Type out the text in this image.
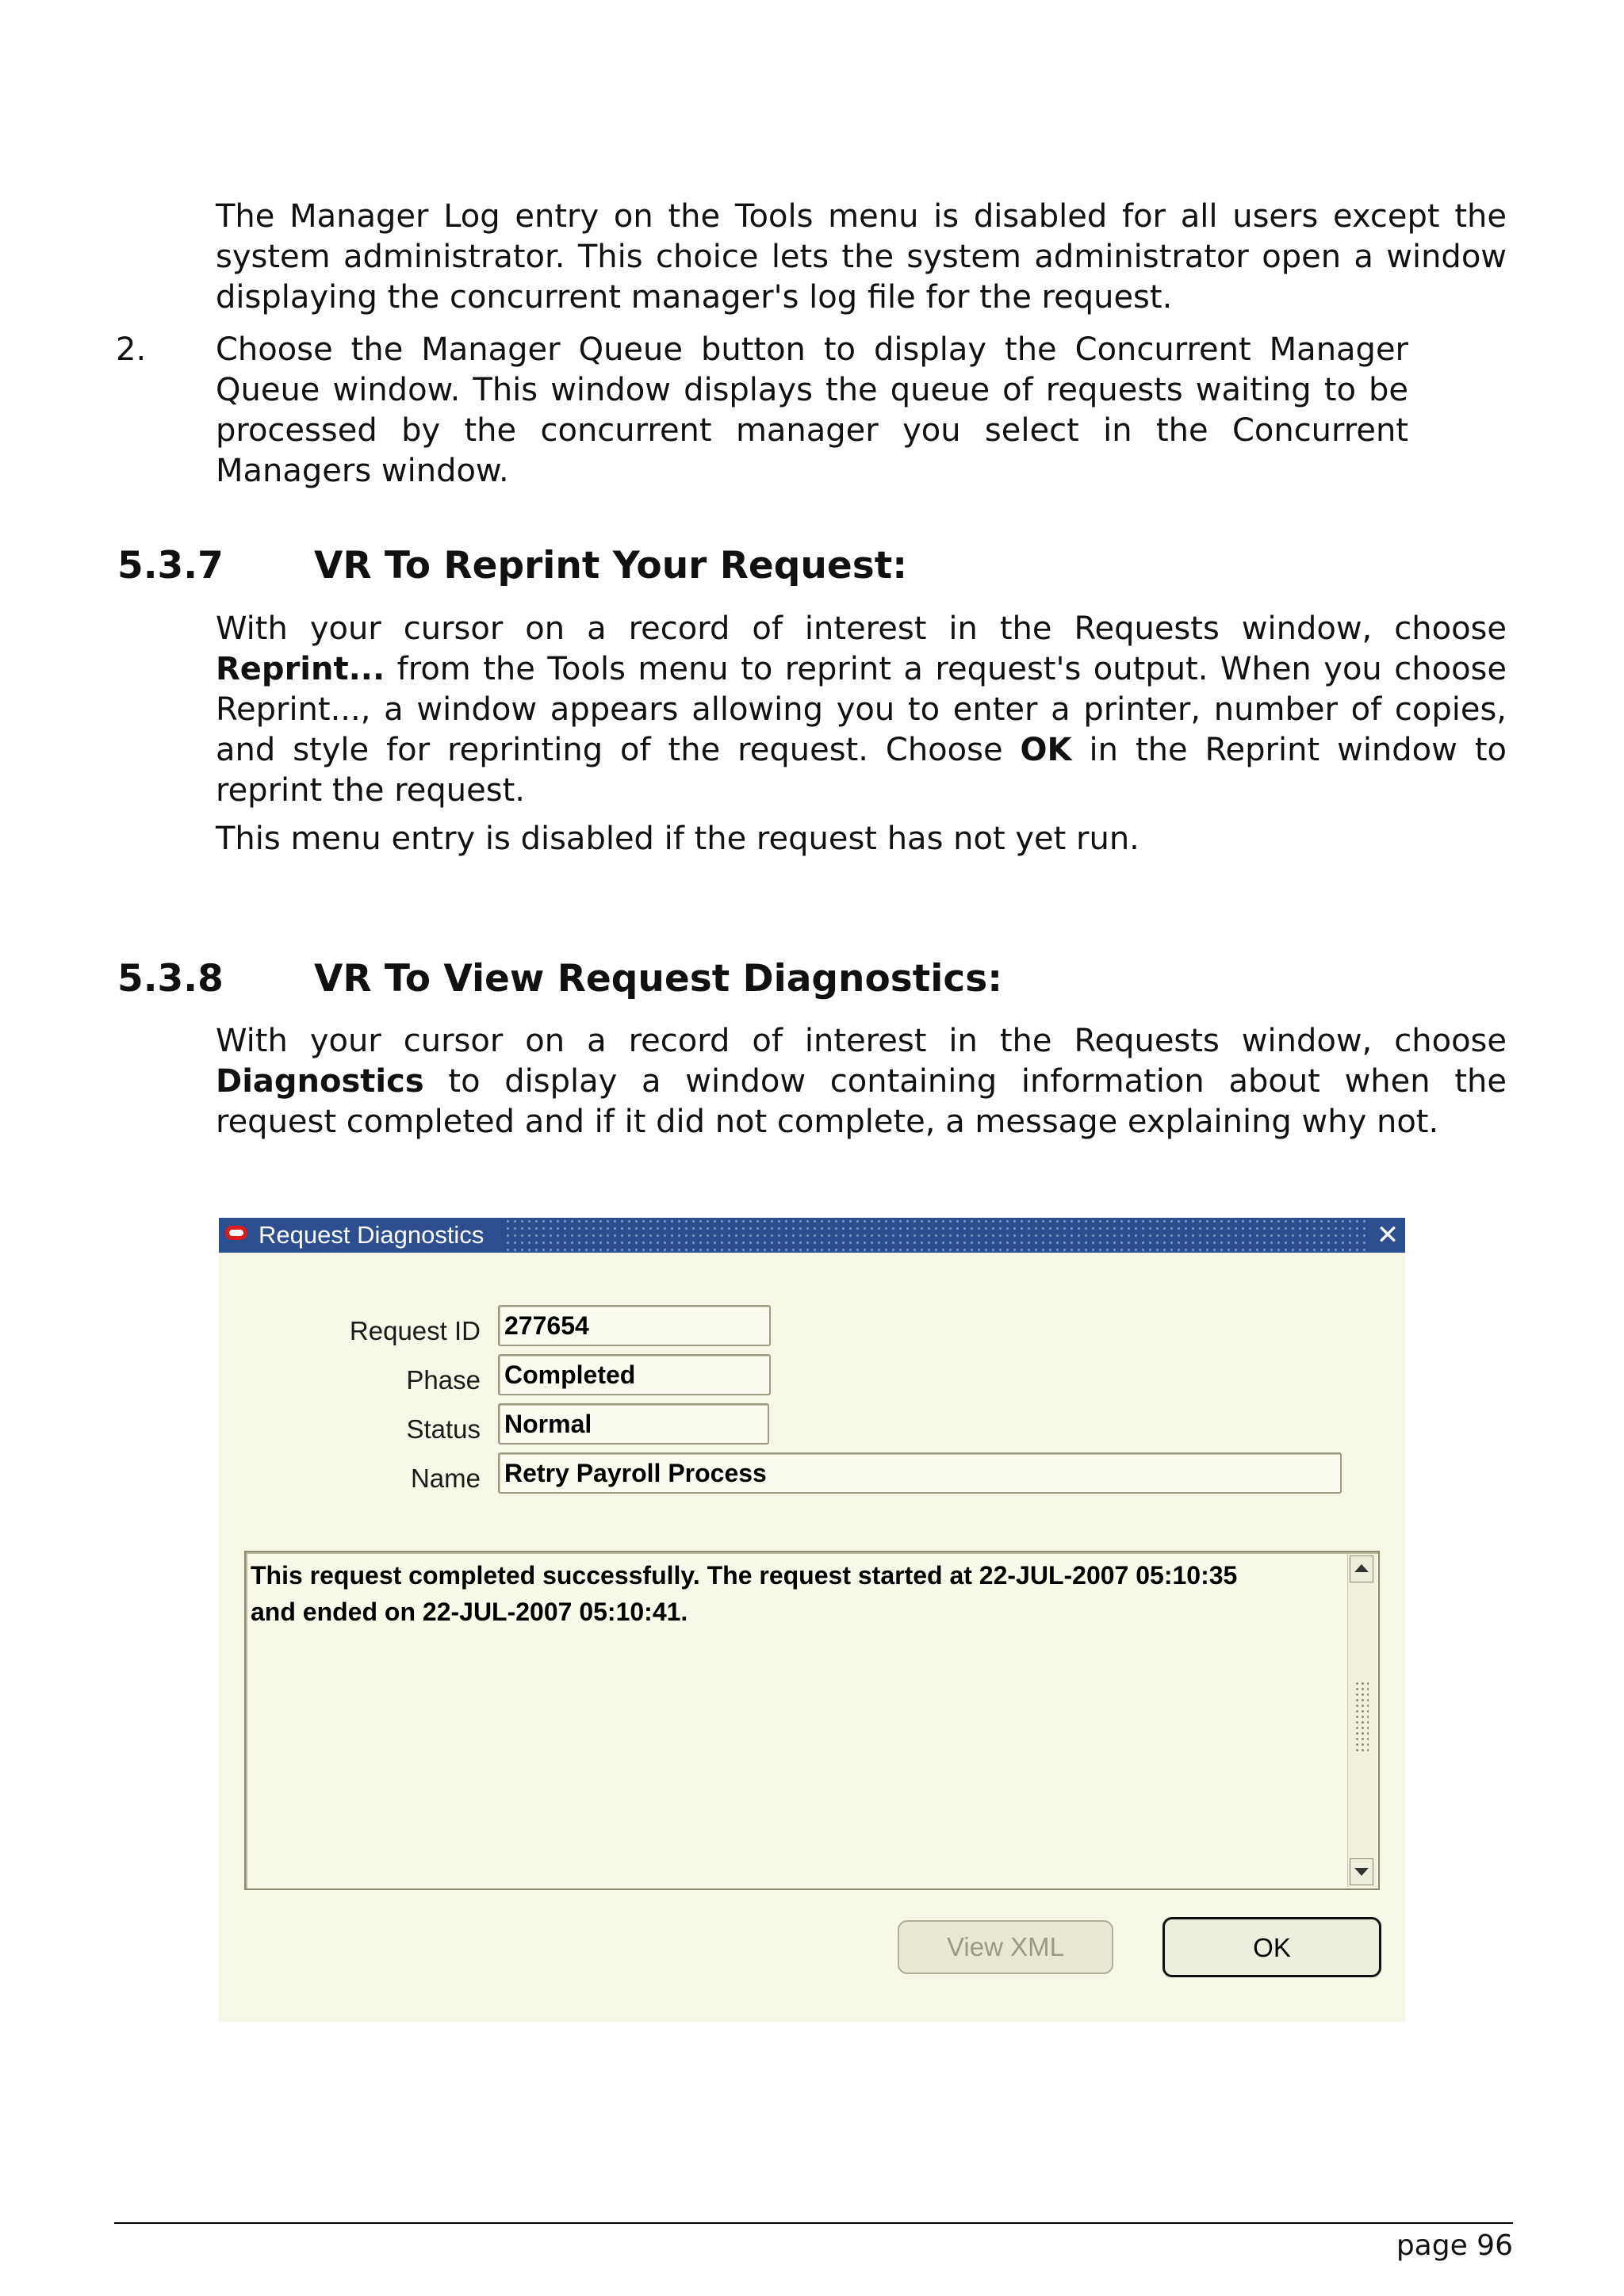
The Manager Log entry on the Tools menu is disabled for all users except the system administrator. This choice lets the system administrator open a window displaying the concurrent manager's log file for the request.

2. Choose the Manager Queue button to display the Concurrent Manager Queue window. This window displays the queue of requests waiting to be processed by the concurrent manager you select in the Concurrent Managers window.

5.3.7 VR To Reprint Your Request:

With your cursor on a record of interest in the Requests window, choose Reprint... from the Tools menu to reprint a request's output. When you choose Reprint..., a window appears allowing you to enter a printer, number of copies, and style for reprinting of the request. Choose OK in the Reprint window to reprint the request.

This menu entry is disabled if the request has not yet run.

5.3.8 VR To View Request Diagnostics:

With your cursor on a record of interest in the Requests window, choose Diagnostics to display a window containing information about when the request completed and if it did not complete, a message explaining why not.

Request Diagnostics	✕
Request ID 277654
Phase Completed
Status Normal
Name Retry Payroll Process
This request completed successfully. The request started at 22-JUL-2007 05:10:35
and ended on 22-JUL-2007 05:10:41.
View XML	OK
page 96
